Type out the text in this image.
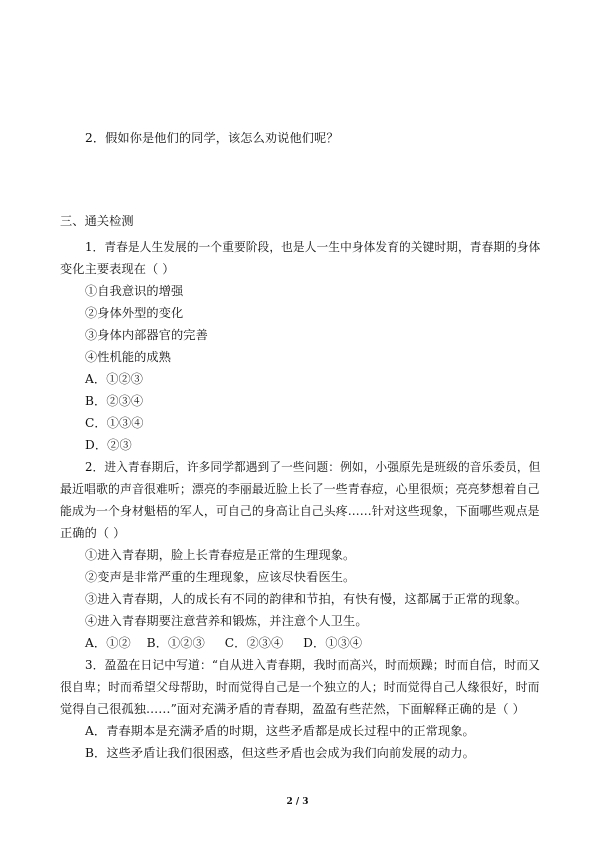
2．假如你是他们的同学，该怎么劝说他们呢？
三、通关检测
1．青春是人生发展的一个重要阶段，也是人一生中身体发育的关键时期，青春期的身体
变化主要表现在（ ）
①自我意识的增强
②身体外型的变化
③身体内部器官的完善
④性机能的成熟
A．①②③
B．②③④
C．①③④
D．②③
2．进入青春期后，许多同学都遇到了一些问题：例如，小强原先是班级的音乐委员，但
最近唱歌的声音很难听；漂亮的李丽最近脸上长了一些青春痘，心里很烦；亮亮梦想着自己
能成为一个身材魁梧的军人，可自己的身高让自己头疼……针对这些现象，下面哪些观点是
正确的（ ）
①进入青春期，脸上长青春痘是正常的生理现象。
②变声是非常严重的生理现象，应该尽快看医生。
③进入青春期，人的成长有不同的韵律和节拍，有快有慢，这都属于正常的现象。
④进入青春期要注意营养和锻炼，并注意个人卫生。
A．①②    B．①②③     C．②③④     D．①③④
3．盈盈在日记中写道：“自从进入青春期，我时而高兴，时而烦躁；时而自信，时而又
很自卑；时而希望父母帮助，时而觉得自己是一个独立的人；时而觉得自己人缘很好，时而
觉得自己很孤独……”面对充满矛盾的青春期，盈盈有些茫然，下面解释正确的是（ ）
A．青春期本是充满矛盾的时期，这些矛盾都是成长过程中的正常现象。
B．这些矛盾让我们很困惑，但这些矛盾也会成为我们向前发展的动力。
2 / 3
